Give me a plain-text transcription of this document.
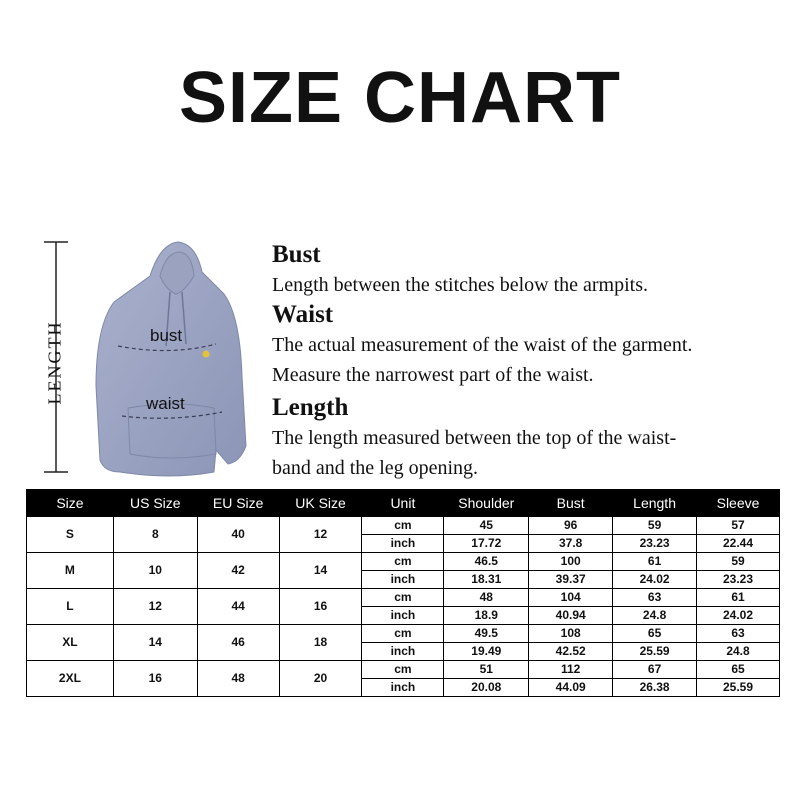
SIZE CHART
LENGTH	bust
waist
Bust
Length between the stitches below the armpits.
Waist
The actual measurement of the waist of the garment.
Measure the narrowest part of the waist.
Length
The length measured between the top of the waist-
band and the leg opening.
Size	US Size	EU Size	UK Size	Unit	Shoulder	Bust	Length	Sleeve
S	8	40	12	cm	45	96	59	57
				inch	17.72	37.8	23.23	22.44
M	10	42	14	cm	46.5	100	61	59
				inch	18.31	39.37	24.02	23.23
L	12	44	16	cm	48	104	63	61
				inch	18.9	40.94	24.8	24.02
XL	14	46	18	cm	49.5	108	65	63
				inch	19.49	42.52	25.59	24.8
2XL	16	48	20	cm	51	112	67	65
				inch	20.08	44.09	26.38	25.59
